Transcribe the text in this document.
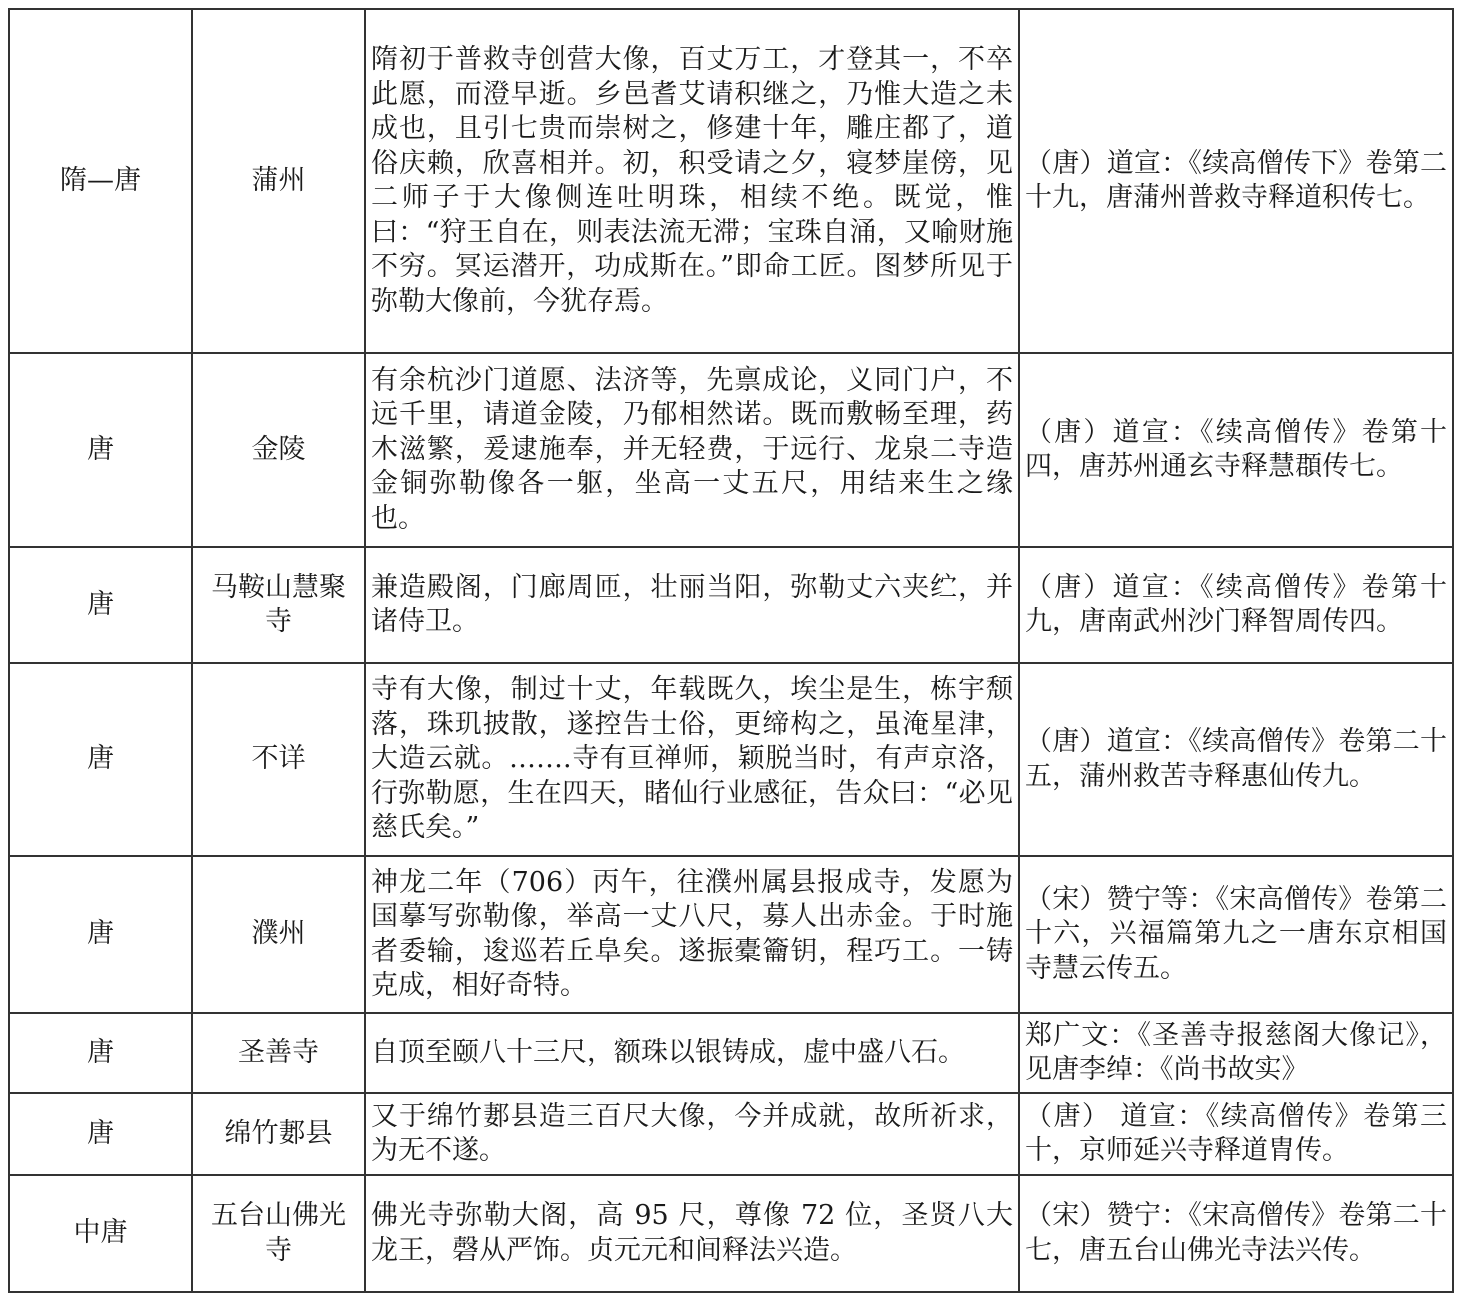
隋—唐	蒲州	隋初于普救寺创营大像，百丈万工，才登其一，不卒此愿，而澄早逝。乡邑耆艾请积继之，乃惟大造之未成也，且引七贵而崇树之，修建十年，雕庄都了，道俗庆赖，欣喜相并。初，积受请之夕，寝梦崖傍，见二师子于大像侧连吐明珠，相续不绝。既觉，惟曰：“狩王自在，则表法流无滞；宝珠自涌，又喻财施不穷。冥运潜开，功成斯在。”即命工匠。图梦所见于弥勒大像前，今犹存焉。	（唐）道宣：《续高僧传下》卷第二十九，唐蒲州普救寺释道积传七。
唐	金陵	有余杭沙门道愿、法济等，先禀成论，义同门户，不远千里，请道金陵，乃郁相然诺。既而敷畅至理，药木滋繁，爰逮施奉，并无轻费，于远行、龙泉二寺造金铜弥勒像各一躯，坐高一丈五尺，用结来生之缘也。	（唐）道宣：《续高僧传》卷第十四，唐苏州通玄寺释慧頵传七。
唐	马鞍山慧聚寺	兼造殿阁，门廊周匝，壮丽当阳，弥勒丈六夹纻，并诸侍卫。	（唐）道宣：《续高僧传》卷第十九，唐南武州沙门释智周传四。
唐	不详	寺有大像，制过十丈，年载既久，埃尘是生，栋宇颓落，珠玑披散，遂控告士俗，更缔构之，虽淹星津，大造云就。…….寺有亘禅师，颖脱当时，有声京洛，行弥勒愿，生在四天，睹仙行业感征，告众曰：“必见慈氏矣。”	（唐）道宣：《续高僧传》卷第二十五，蒲州救苦寺释惠仙传九。
唐	濮州	神龙二年（706）丙午，往濮州属县报成寺，发愿为国摹写弥勒像，举高一丈八尺，募人出赤金。于时施者委输，逡巡若丘阜矣。遂振橐籥钥，程巧工。一铸克成，相好奇特。	（宋）赞宁等：《宋高僧传》卷第二十六，兴福篇第九之一唐东京相国寺慧云传五。
唐	圣善寺	自顶至颐八十三尺，额珠以银铸成，虚中盛八石。	郑广文：《圣善寺报慈阁大像记》，见唐李绰：《尚书故实》
唐	绵竹郪县	又于绵竹郪县造三百尺大像，今并成就，故所祈求，为无不遂。	（唐） 道宣：《续高僧传》卷第三十，京师延兴寺释道胄传。
中唐	五台山佛光寺	佛光寺弥勒大阁，高 95 尺，尊像 72 位，圣贤八大龙王，磬从严饰。贞元元和间释法兴造。	（宋）赞宁：《宋高僧传》卷第二十七，唐五台山佛光寺法兴传。
